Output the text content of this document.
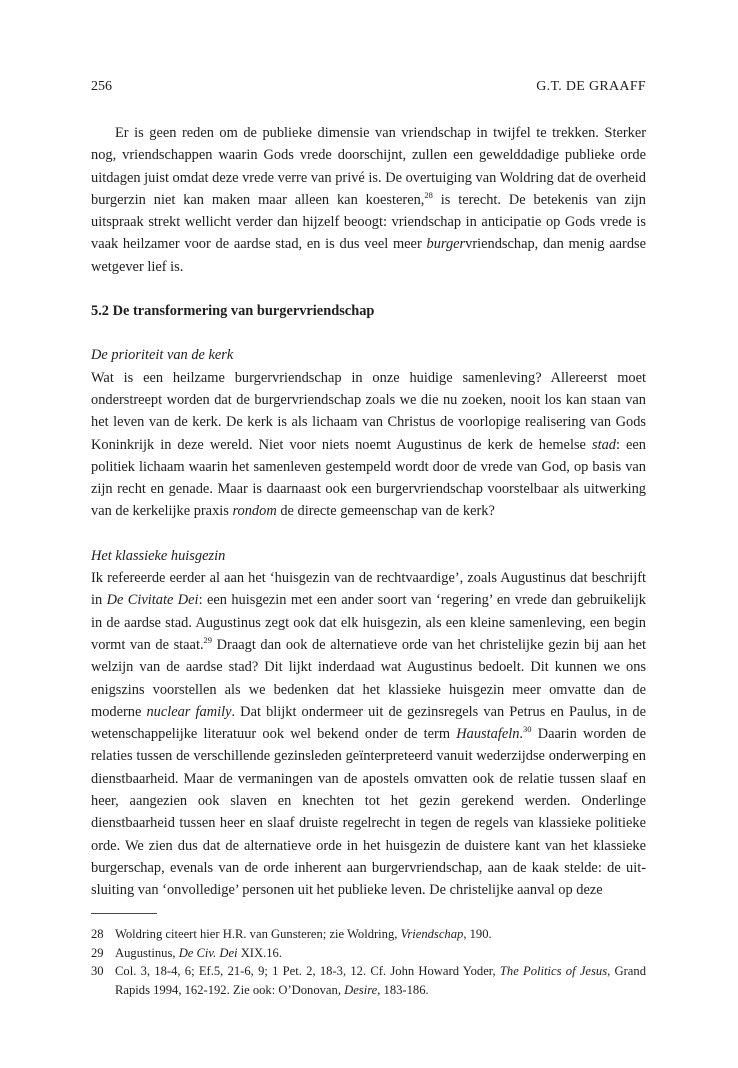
256	G.T. DE GRAAFF

Er is geen reden om de publieke dimensie van vriendschap in twijfel te trekken. Sterker nog, vriendschappen waarin Gods vrede doorschijnt, zullen een gewelddadige publieke orde uitdagen juist omdat deze vrede verre van privé is. De overtuiging van Woldring dat de overheid burgerzin niet kan maken maar alleen kan koesteren,$^{28}$ is terecht. De betekenis van zijn uitspraak strekt wellicht verder dan hijzelf beoogt: vriendschap in anticipatie op Gods vrede is vaak heilzamer voor de aardse stad, en is dus veel meer burgervriendschap, dan menig aardse wetgever lief is.

5.2 De transformering van burgervriendschap
De prioriteit van de kerk

Wat is een heilzame burgervriendschap in onze huidige samenleving? Allereerst moet onderstreept worden dat de burgervriendschap zoals we die nu zoeken, nooit los kan staan van het leven van de kerk. De kerk is als lichaam van Christus de voorlopige realisering van Gods Koninkrijk in deze wereld. Niet voor niets noemt Augustinus de kerk de hemelse stad: een politiek lichaam waarin het samenleven gestempeld wordt door de vrede van God, op basis van zijn recht en genade. Maar is daarnaast ook een burgervriendschap voorstelbaar als uitwerking van de kerkelijke praxis rondom de directe gemeenschap van de kerk?

Het klassieke huisgezin

Ik refereerde eerder al aan het ‘huisgezin van de rechtvaardige’, zoals Augustinus dat beschrijft in De Civitate Dei: een huisgezin met een ander soort van ‘regering’ en vrede dan gebruikelijk in de aardse stad. Augustinus zegt ook dat elk huisgezin, als een kleine samenleving, een begin vormt van de staat.$^{29}$ Draagt dan ook de alternatieve orde van het christelijke gezin bij aan het welzijn van de aardse stad? Dit lijkt inderdaad wat Augustinus bedoelt. Dit kunnen we ons enigszins voorstellen als we bedenken dat het klassieke huisgezin meer omvatte dan de moderne nuclear family. Dat blijkt ondermeer uit de gezinsregels van Petrus en Paulus, in de wetenschappelijke literatuur ook wel bekend onder de term Haustafeln.$^{30}$ Daarin worden de relaties tussen de verschillende gezinsleden geïnterpreteerd vanuit wederzijdse onderwerping en dienstbaarheid. Maar de vermaningen van de apostels omvatten ook de relatie tussen slaaf en heer, aangezien ook slaven en knechten tot het gezin gerekend werden. Onderlinge dienstbaarheid tussen heer en slaaf druiste regelrecht in tegen de regels van klassieke politieke orde. We zien dus dat de alternatieve orde in het huisgezin de duistere kant van het klassieke burgerschap, evenals van de orde inherent aan burgervriendschap, aan de kaak stelde: de uitsluiting van ‘onvolledige’ personen uit het publieke leven. De christelijke aanval op deze

28 Woldring citeert hier H.R. van Gunsteren; zie Woldring, Vriendschap, 190.
29 Augustinus, De Civ. Dei XIX.16.
30 Col. 3, 18-4, 6; Ef.5, 21-6, 9; 1 Pet. 2, 18-3, 12. Cf. John Howard Yoder, The Politics of Jesus, Grand Rapids 1994, 162-192. Zie ook: O’Donovan, Desire, 183-186.
